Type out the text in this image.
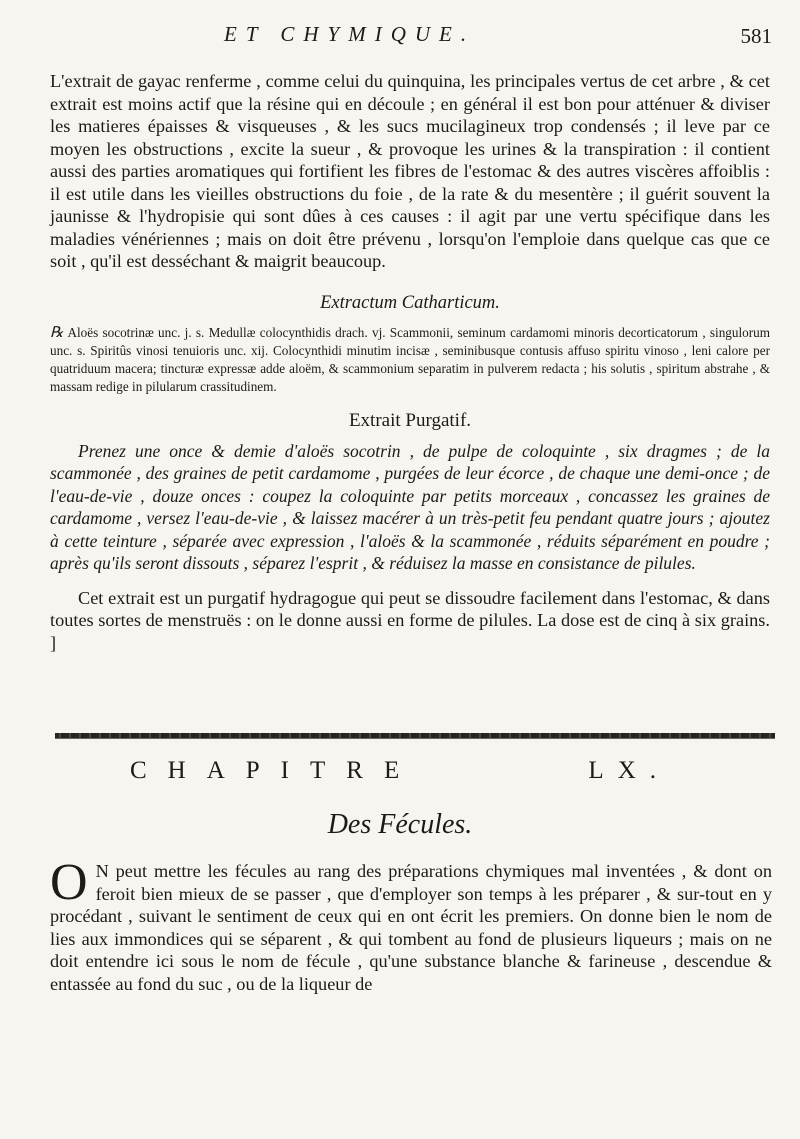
ET CHYMIQUE.	581

L'extrait de gayac renferme , comme celui du quinquina, les principales vertus de cet arbre , & cet extrait est moins actif que la résine qui en découle ; en général il est bon pour atténuer & diviser les matieres épaisses & visqueuses , & les sucs mucilagineux trop condensés ; il leve par ce moyen les obstructions , excite la sueur , & provoque les urines & la transpiration : il contient aussi des parties aromatiques qui fortifient les fibres de l'estomac & des autres viscères affoiblis : il est utile dans les vieilles obstructions du foie , de la rate & du mesentère ; il guérit souvent la jaunisse & l'hydropisie qui sont dûes à ces causes : il agit par une vertu spécifique dans les maladies vénériennes ; mais on doit être prévenu , lorsqu'on l'emploie dans quelque cas que ce soit , qu'il est desséchant & maigrit beaucoup.

Extractum Catharticum.

℞ Aloës socotrinæ unc. j. s. Medullæ colocynthidis drach. vj. Scammonii, seminum cardamomi minoris decorticatorum , singulorum unc. s. Spiritûs vinosi tenuioris unc. xij. Colocynthidi minutim incisæ , seminibusque contusis affuso spiritu vinoso , leni calore per quatriduum macera; tincturæ expressæ adde aloëm, & scammonium separatim in pulverem redacta ; his solutis , spiritum abstrahe , & massam redige in pilularum crassitudinem.

Extrait Purgatif.

Prenez une once & demie d'aloës socotrin , de pulpe de coloquinte , six dragmes ; de la scammonée , des graines de petit cardamome , purgées de leur écorce , de chaque une demi-once ; de l'eau-de-vie , douze onces : coupez la coloquinte par petits morceaux , concassez les graines de cardamome , versez l'eau-de-vie , & laissez macérer à un très-petit feu pendant quatre jours ; ajoutez à cette teinture , séparée avec expression , l'aloës & la scammonée , réduits séparément en poudre ; après qu'ils seront dissouts , séparez l'esprit , & réduisez la masse en consistance de pilules.

Cet extrait est un purgatif hydragogue qui peut se dissoudre facilement dans l'estomac, & dans toutes sortes de menstruës : on le donne aussi en forme de pilules. La dose est de cinq à six grains. ]

CHAPITRE	LX.
Des Fécules.
O N peut mettre les fécules au rang des préparations chymiques mal inventées , & dont on feroit bien mieux de se passer , que d'employer son temps à les préparer , & sur-tout en y procédant , suivant le sentiment de ceux qui en ont écrit les premiers. On donne bien le nom de lies aux immondices qui se séparent , & qui tombent au fond de plusieurs liqueurs ; mais on ne doit entendre ici sous le nom de fécule , qu'une substance blanche & farineuse , descendue & entassée au fond du suc , ou de la liqueur de
